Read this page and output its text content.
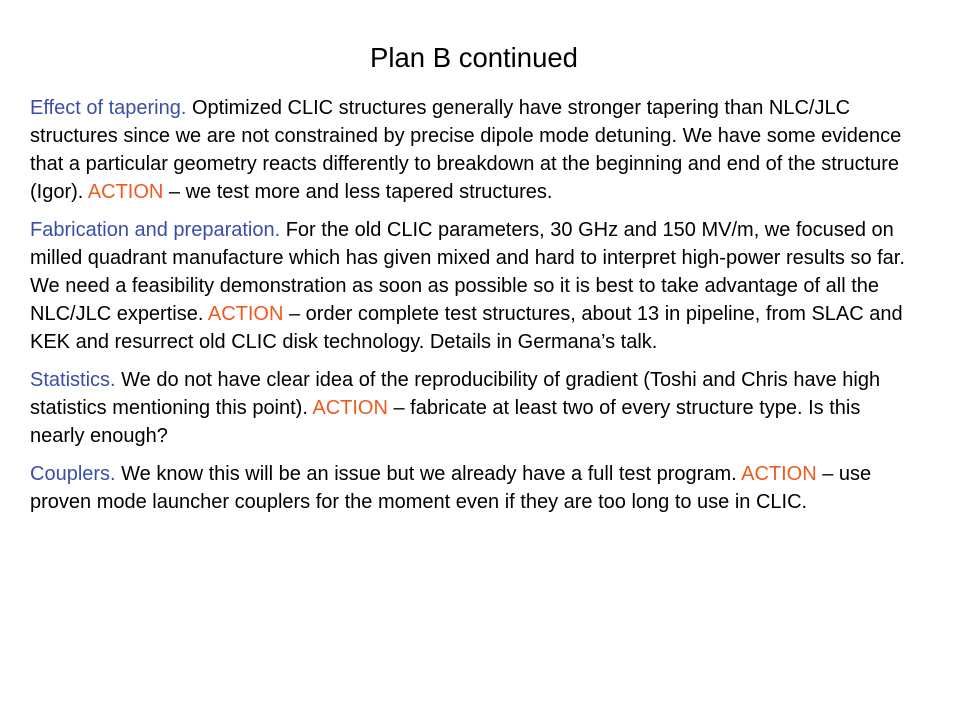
Plan B continued

Effect of tapering. Optimized CLIC structures generally have stronger tapering than NLC/JLC structures since we are not constrained by precise dipole mode detuning. We have some evidence that a particular geometry reacts differently to breakdown at the beginning and end of the structure (Igor). ACTION – we test more and less tapered structures.

Fabrication and preparation. For the old CLIC parameters, 30 GHz and 150 MV/m, we focused on milled quadrant manufacture which has given mixed and hard to interpret high-power results so far. We need a feasibility demonstration as soon as possible so it is best to take advantage of all the NLC/JLC expertise. ACTION – order complete test structures, about 13 in pipeline, from SLAC and KEK and resurrect old CLIC disk technology. Details in Germana’s talk.

Statistics. We do not have clear idea of the reproducibility of gradient (Toshi and Chris have high statistics mentioning this point). ACTION – fabricate at least two of every structure type. Is this nearly enough?

Couplers. We know this will be an issue but we already have a full test program. ACTION – use proven mode launcher couplers for the moment even if they are too long to use in CLIC.
